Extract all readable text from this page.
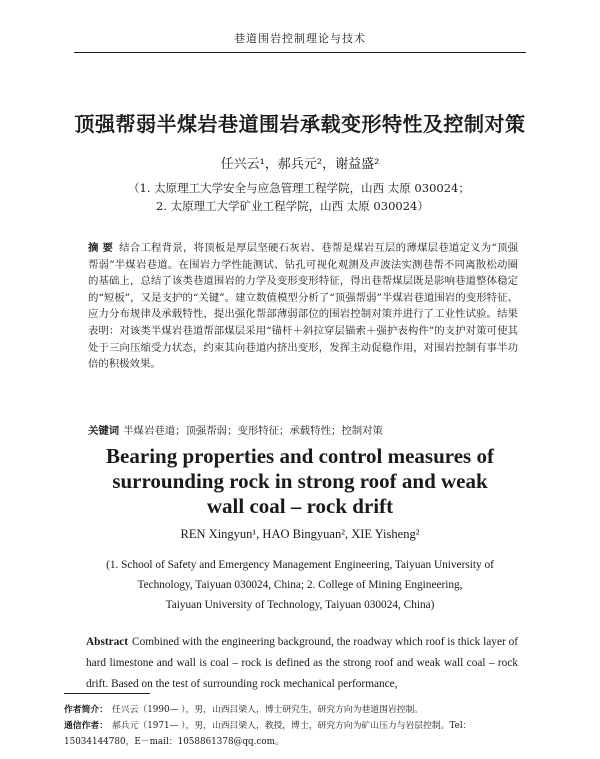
巷道围岩控制理论与技术
顶强帮弱半煤岩巷道围岩承载变形特性及控制对策
任兴云¹，郝兵元²，谢益盛²
（1. 太原理工大学安全与应急管理工程学院，山西 太原 030024；
2. 太原理工大学矿业工程学院，山西 太原 030024）
摘 要 结合工程背景，将顶板是厚层坚硬石灰岩、巷帮是煤岩互层的薄煤层巷道定义为“顶强帮弱”半煤岩巷道。在围岩力学性能测试、钻孔可视化观测及声波法实测巷帮不同离散松动圈的基础上，总结了该类巷道围岩的力学及变形变形特征，得出巷帮煤层既是影响巷道整体稳定的“短板”，又是支护的“关键”。建立数值模型分析了“顶强帮弱”半煤岩巷道围岩的变形特征、应力分布规律及承载特性，提出强化帮部薄弱部位的围岩控制对策并进行了工业性试验。结果表明：对该类半煤岩巷道帮部煤层采用“锚杆＋斜拉穿层锚索＋强护表构件”的支护对策可使其处于三向压缩受力状态，约束其向巷道内挤出变形，发挥主动促稳作用，对围岩控制有事半功倍的积极效果。
关键词 半煤岩巷道；顶强帮弱；变形特征；承载特性；控制对策
Bearing properties and control measures of
surrounding rock in strong roof and weak
wall coal – rock drift
REN Xingyun¹, HAO Bingyuan², XIE Yisheng²
(1. School of Safety and Emergency Management Engineering, Taiyuan University of
Technology, Taiyuan 030024, China; 2. College of Mining Engineering,
Taiyuan University of Technology, Taiyuan 030024, China)
Abstract Combined with the engineering background, the roadway which roof is thick layer of hard limestone and wall is coal – rock is defined as the strong roof and weak wall coal – rock drift. Based on the test of surrounding rock mechanical performance,
作者简介： 任兴云（1990— ），男，山西吕梁人，博士研究生，研究方向为巷道围岩控制。
通信作者： 郝兵元（1971— ），男，山西吕梁人，教授，博士，研究方向为矿山压力与岩层控制。Tel：
15034144780，E－mail：1058861378@qq.com。
